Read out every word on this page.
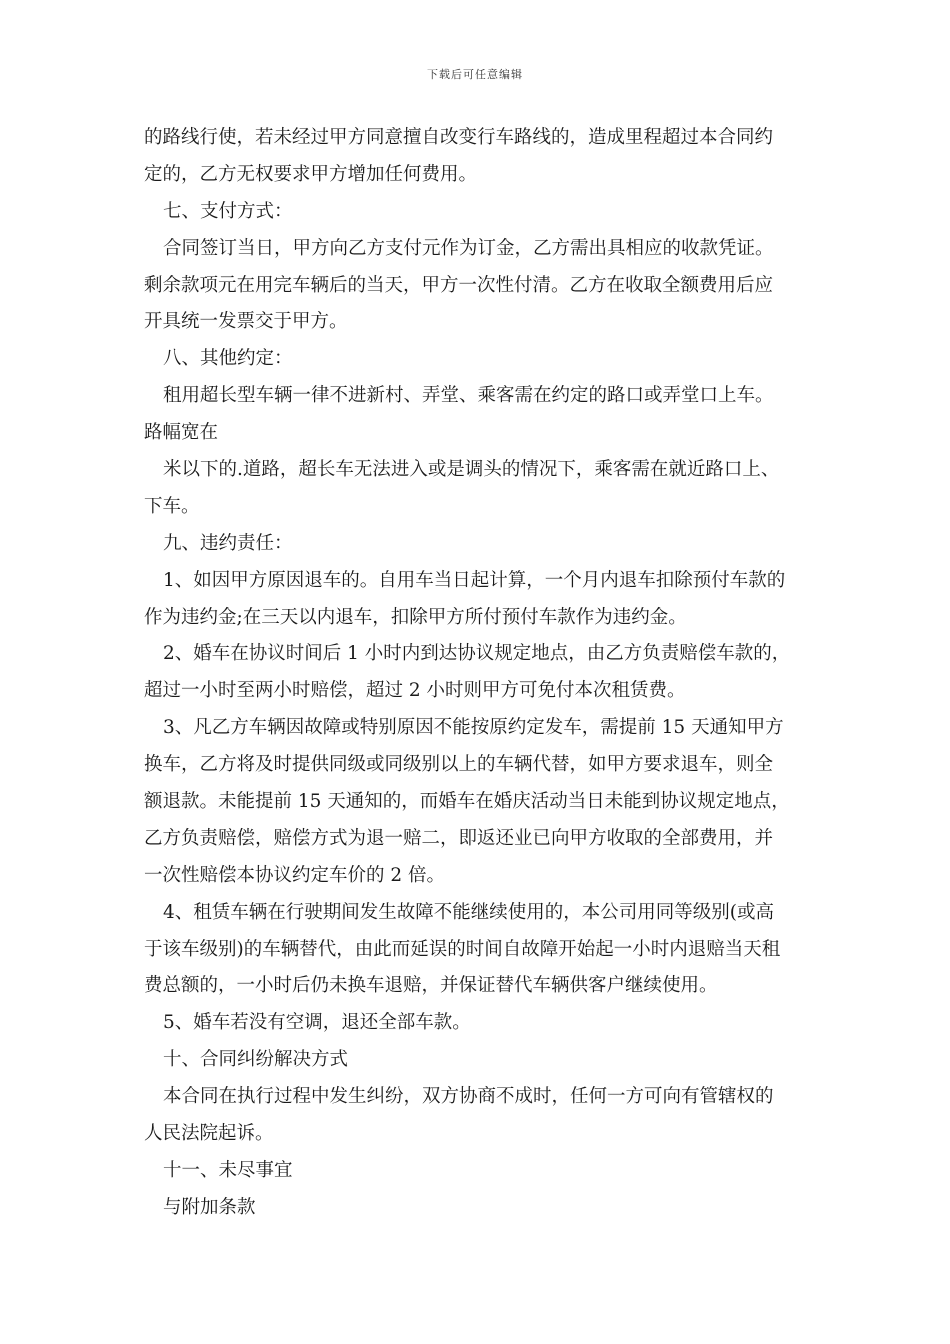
下载后可任意编辑
的路线行使，若未经过甲方同意擅自改变行车路线的，造成里程超过本合同约
定的，乙方无权要求甲方增加任何费用。
七、支付方式：
合同签订当日，甲方向乙方支付元作为订金，乙方需出具相应的收款凭证。
剩余款项元在用完车辆后的当天，甲方一次性付清。乙方在收取全额费用后应
开具统一发票交于甲方。
八、其他约定：
租用超长型车辆一律不进新村、弄堂、乘客需在约定的路口或弄堂口上车。
路幅宽在
米以下的.道路，超长车无法进入或是调头的情况下，乘客需在就近路口上、
下车。
九、违约责任：
1、如因甲方原因退车的。自用车当日起计算，一个月内退车扣除预付车款的
作为违约金;在三天以内退车，扣除甲方所付预付车款作为违约金。
2、婚车在协议时间后 1 小时内到达协议规定地点，由乙方负责赔偿车款的，
超过一小时至两小时赔偿，超过 2 小时则甲方可免付本次租赁费。
3、凡乙方车辆因故障或特别原因不能按原约定发车，需提前 15 天通知甲方
换车，乙方将及时提供同级或同级别以上的车辆代替，如甲方要求退车，则全
额退款。未能提前 15 天通知的，而婚车在婚庆活动当日未能到协议规定地点，
乙方负责赔偿，赔偿方式为退一赔二，即返还业已向甲方收取的全部费用，并
一次性赔偿本协议约定车价的 2 倍。
4、租赁车辆在行驶期间发生故障不能继续使用的，本公司用同等级别(或高
于该车级别)的车辆替代，由此而延误的时间自故障开始起一小时内退赔当天租
费总额的，一小时后仍未换车退赔，并保证替代车辆供客户继续使用。
5、婚车若没有空调，退还全部车款。
十、合同纠纷解决方式
本合同在执行过程中发生纠纷，双方协商不成时，任何一方可向有管辖权的
人民法院起诉。
十一、未尽事宜
与附加条款
